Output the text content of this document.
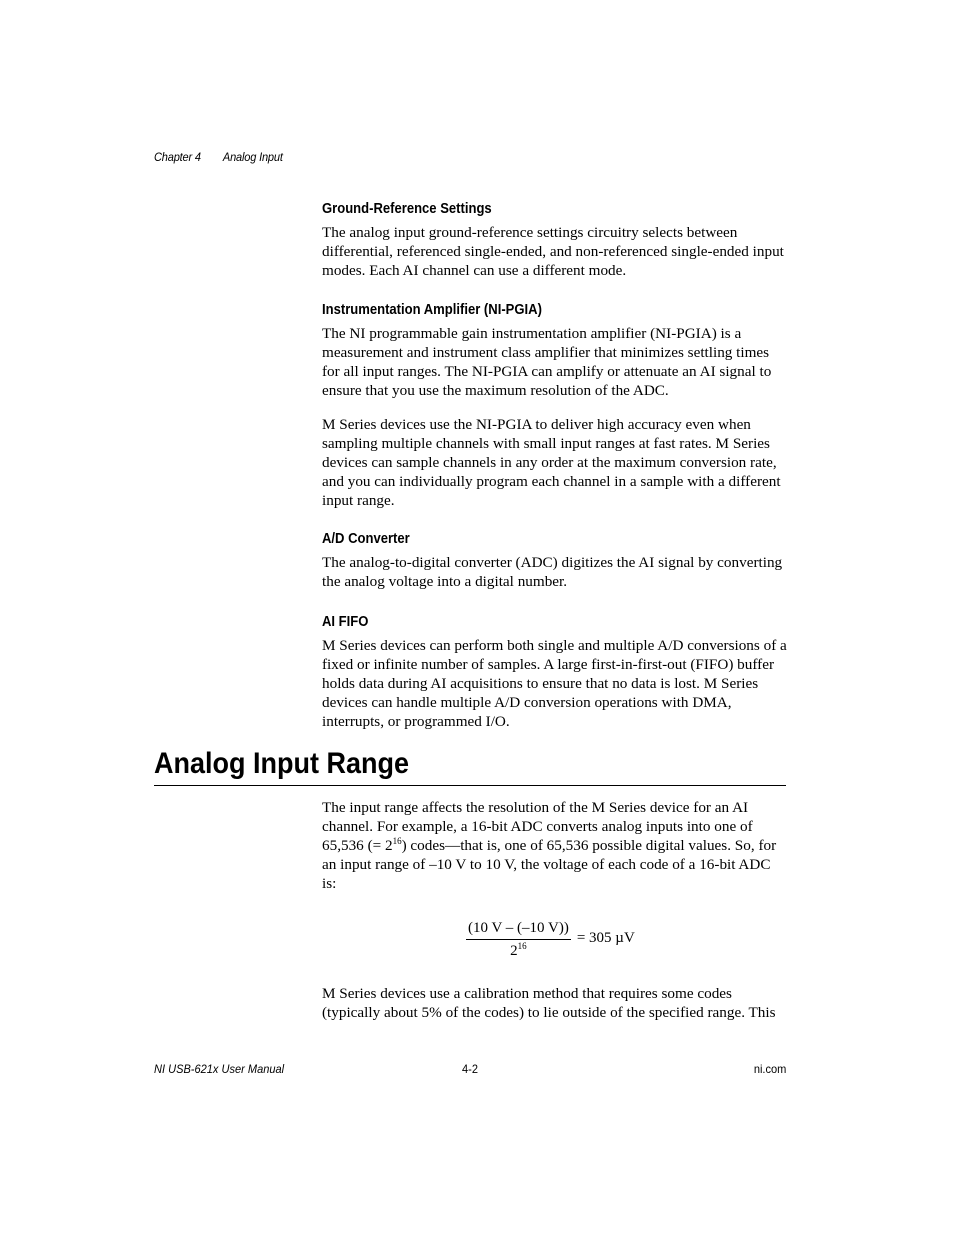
Chapter 4 Analog Input
Ground-Reference Settings

The analog input ground-reference settings circuitry selects between differential, referenced single-ended, and non-referenced single-ended input modes. Each AI channel can use a different mode.

Instrumentation Amplifier (NI-PGIA)

The NI programmable gain instrumentation amplifier (NI-PGIA) is a measurement and instrument class amplifier that minimizes settling times for all input ranges. The NI-PGIA can amplify or attenuate an AI signal to ensure that you use the maximum resolution of the ADC.

M Series devices use the NI-PGIA to deliver high accuracy even when sampling multiple channels with small input ranges at fast rates. M Series devices can sample channels in any order at the maximum conversion rate, and you can individually program each channel in a sample with a different input range.

A/D Converter

The analog-to-digital converter (ADC) digitizes the AI signal by converting the analog voltage into a digital number.

AI FIFO

M Series devices can perform both single and multiple A/D conversions of a fixed or infinite number of samples. A large first-in-first-out (FIFO) buffer holds data during AI acquisitions to ensure that no data is lost. M Series devices can handle multiple A/D conversion operations with DMA, interrupts, or programmed I/O.

Analog Input Range

The input range affects the resolution of the M Series device for an AI channel. For example, a 16-bit ADC converts analog inputs into one of 65,536 (= $2^{16}$) codes—that is, one of 65,536 possible digital values. So, for an input range of –10 V to 10 V, the voltage of each code of a 16-bit ADC is:

$\frac{(10 V - (-10 V))}{2^{16}} = 305$ µV

M Series devices use a calibration method that requires some codes (typically about 5% of the codes) to lie outside of the specified range. This

NI USB-621x User Manual	4-2	ni.com
